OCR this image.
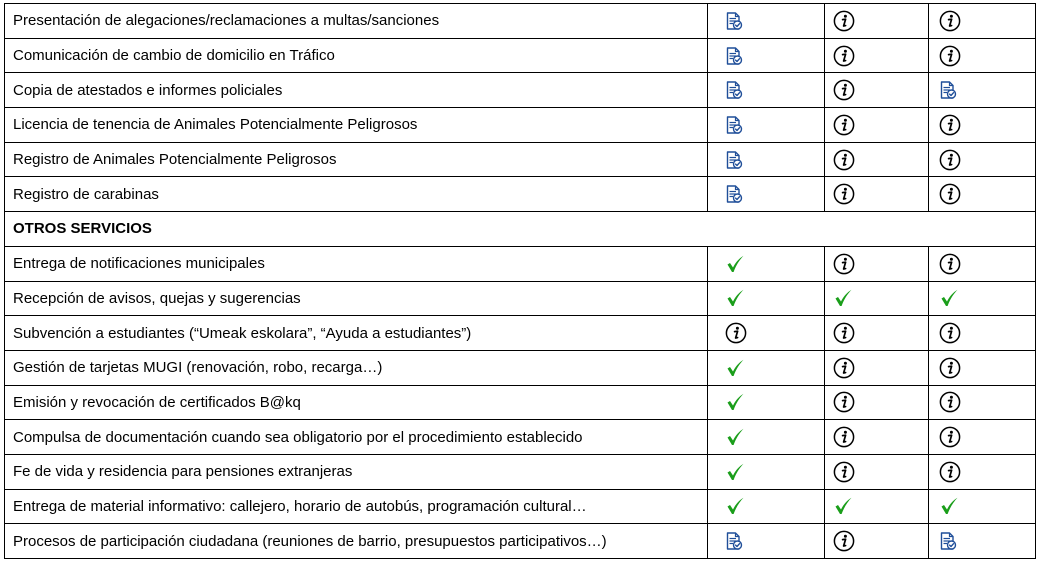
Presentación de alegaciones/reclamaciones a multas/sanciones	

Comunicación de cambio de domicilio en Tráfico	

Copia de atestados e informes policiales	

Licencia de tenencia de Animales Potencialmente Peligrosos	

Registro de Animales Potencialmente Peligrosos	

Registro de carabinas	

OTROS SERVICIOS			
Entrega de notificaciones municipales	

Recepción de avisos, quejas y sugerencias	

Subvención a estudiantes (“Umeak eskolara”, “Ayuda a estudiantes”)	

Gestión de tarjetas MUGI (renovación, robo, recarga…)	

Emisión y revocación de certificados B@kq	

Compulsa de documentación cuando sea obligatorio por el procedimiento establecido	

Fe de vida y residencia para pensiones extranjeras	

Entrega de material informativo: callejero, horario de autobús, programación cultural…	

Procesos de participación ciudadana (reuniones de barrio, presupuestos participativos…)	
